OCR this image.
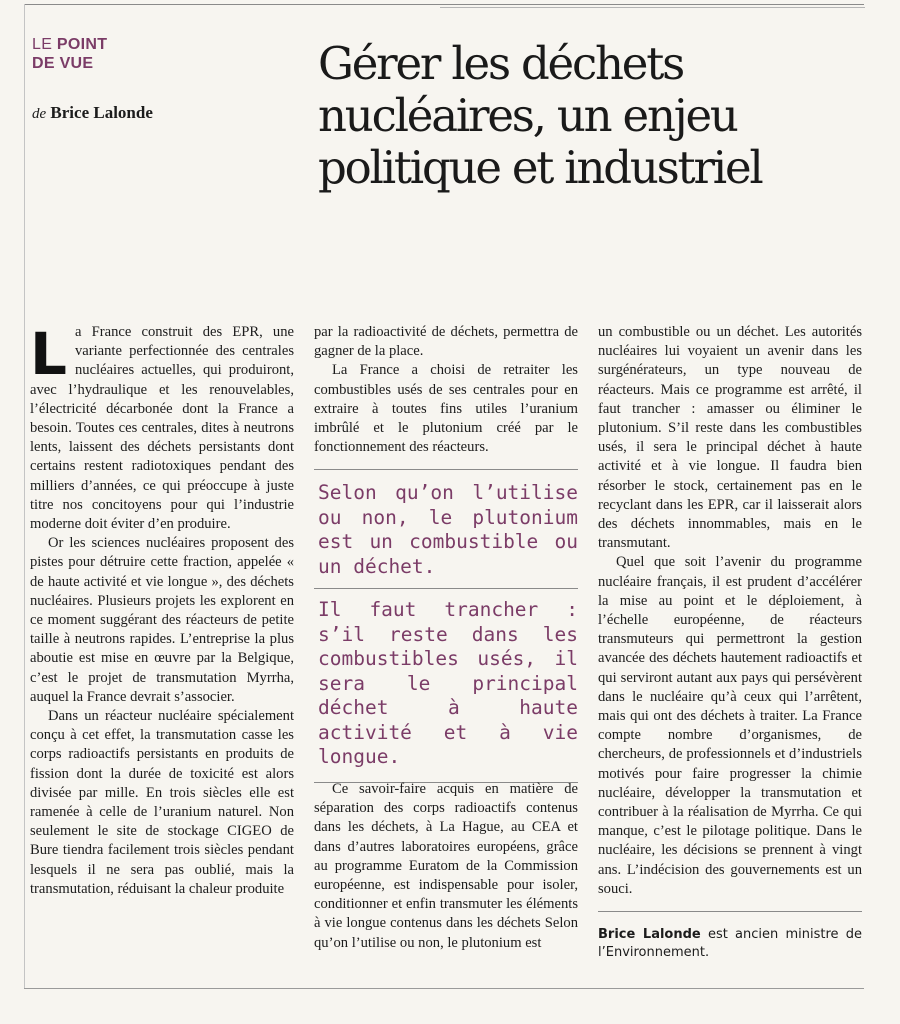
LE POINT
DE VUE
de Brice Lalonde
Gérer les déchets nucléaires, un enjeu politique et industriel

La France construit des EPR, une variante perfectionnée des centrales nucléaires actuelles, qui produiront, avec l’hydraulique et les renouvelables, l’électricité décarbonée dont la France a besoin. Toutes ces centrales, dites à neutrons lents, laissent des déchets persistants dont certains restent radiotoxiques pendant des milliers d’années, ce qui préoccupe à juste titre nos concitoyens pour qui l’industrie moderne doit éviter d’en produire.

Or les sciences nucléaires proposent des pistes pour détruire cette fraction, appelée « de haute activité et vie longue », des déchets nucléaires. Plusieurs projets les explorent en ce moment suggérant des réacteurs de petite taille à neutrons rapides. L’entreprise la plus aboutie est mise en œuvre par la Belgique, c’est le projet de transmutation Myrrha, auquel la France devrait s’associer.

Dans un réacteur nucléaire spécialement conçu à cet effet, la transmutation casse les corps radioactifs persistants en produits de fission dont la durée de toxicité est alors divisée par mille. En trois siècles elle est ramenée à celle de l’uranium naturel. Non seulement le site de stockage CIGEO de Bure tiendra facilement trois siècles pendant lesquels il ne sera pas oublié, mais la transmutation, réduisant la chaleur produite

par la radioactivité de déchets, permettra de gagner de la place.

La France a choisi de retraiter les combustibles usés de ses centrales pour en extraire à toutes fins utiles l’uranium imbrûlé et le plutonium créé par le fonctionnement des réacteurs.

Selon qu’on l’utilise ou non, le plutonium est un combustible ou un déchet.
Il faut trancher : s’il reste dans les combustibles usés, il sera le principal déchet à haute activité et à vie longue.

Ce savoir-faire acquis en matière de séparation des corps radioactifs contenus dans les déchets, à La Hague, au CEA et dans d’autres laboratoires européens, grâce au programme Euratom de la Commission européenne, est indispensable pour isoler, conditionner et enfin transmuter les éléments à vie longue contenus dans les déchets Selon qu’on l’utilise ou non, le plutonium est

un combustible ou un déchet. Les autorités nucléaires lui voyaient un avenir dans les surgénérateurs, un type nouveau de réacteurs. Mais ce programme est arrêté, il faut trancher : amasser ou éliminer le plutonium. S’il reste dans les combustibles usés, il sera le principal déchet à haute activité et à vie longue. Il faudra bien résorber le stock, certainement pas en le recyclant dans les EPR, car il laisserait alors des déchets innommables, mais en le transmutant.

Quel que soit l’avenir du programme nucléaire français, il est prudent d’accélérer la mise au point et le déploiement, à l’échelle européenne, de réacteurs transmuteurs qui permettront la gestion avancée des déchets hautement radioactifs et qui serviront autant aux pays qui persévèrent dans le nucléaire qu’à ceux qui l’arrêtent, mais qui ont des déchets à traiter. La France compte nombre d’organismes, de chercheurs, de professionnels et d’industriels motivés pour faire progresser la chimie nucléaire, développer la transmutation et contribuer à la réalisation de Myrrha. Ce qui manque, c’est le pilotage politique. Dans le nucléaire, les décisions se prennent à vingt ans. L’indécision des gouvernements est un souci.

Brice Lalonde est ancien ministre de l’Environnement.
